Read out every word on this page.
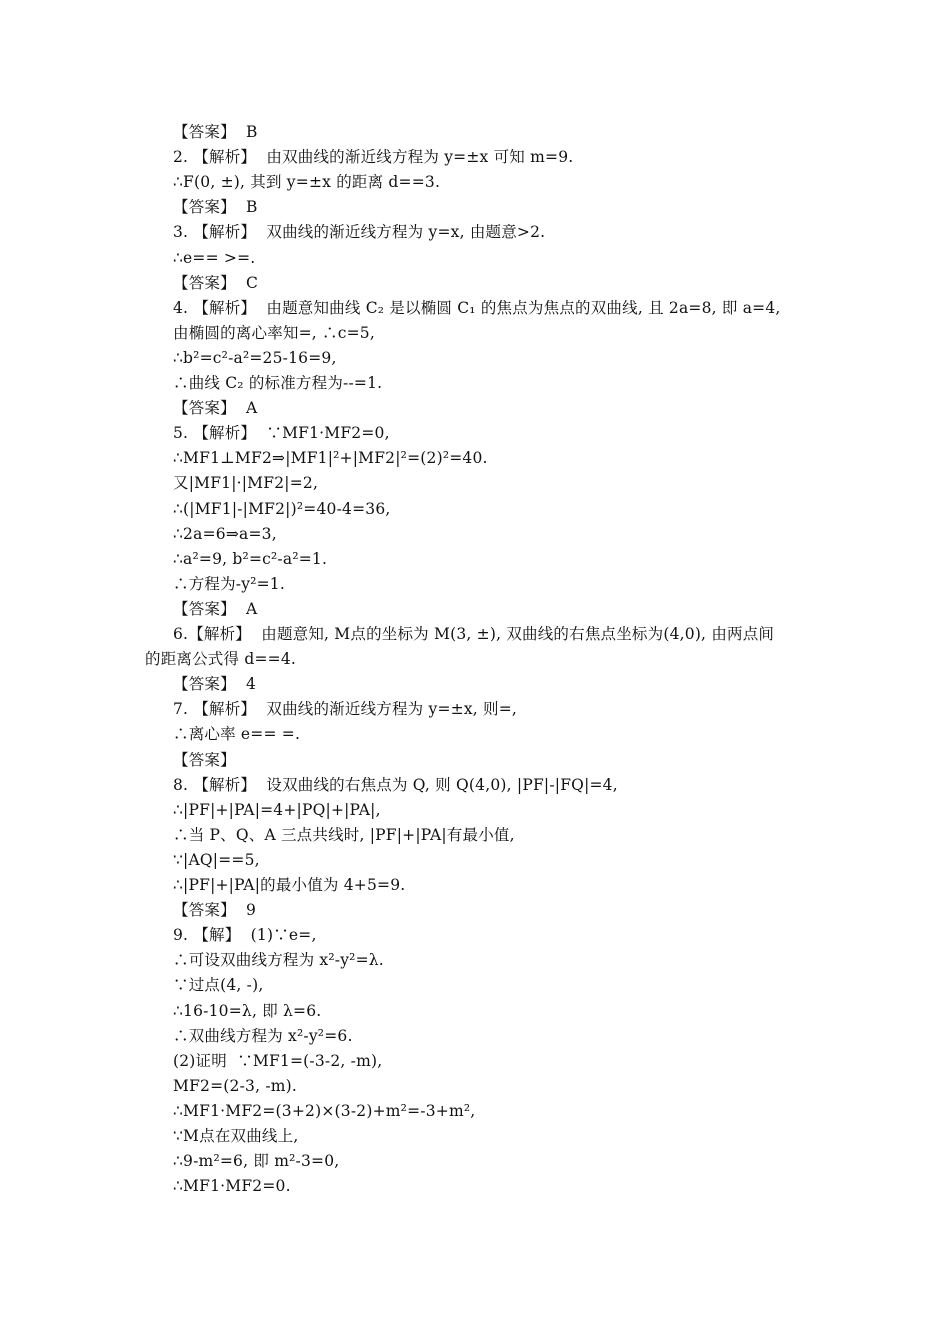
【答案】  B
2. 【解析】  由双曲线的渐近线方程为 y=±x 可知 m=9.
∴F(0, ±), 其到 y=±x 的距离 d==3.
【答案】  B
3. 【解析】  双曲线的渐近线方程为 y=x, 由题意>2.
∴e== >=.
【答案】  C
4. 【解析】  由题意知曲线 C₂ 是以椭圆 C₁ 的焦点为焦点的双曲线, 且 2a=8, 即 a=4,
由椭圆的离心率知=, ∴c=5,
∴b²=c²-a²=25-16=9,
∴曲线 C₂ 的标准方程为--=1.
【答案】  A
5. 【解析】  ∵MF1·MF2=0,
∴MF1⊥MF2⇒|MF1|²+|MF2|²=(2)²=40.
又|MF1|·|MF2|=2,
∴(|MF1|-|MF2|)²=40-4=36,
∴2a=6⇒a=3,
∴a²=9, b²=c²-a²=1.
∴方程为-y²=1.
【答案】  A
6.【解析】  由题意知, M点的坐标为 M(3, ±), 双曲线的右焦点坐标为(4,0), 由两点间
的距离公式得 d==4.
【答案】  4
7. 【解析】  双曲线的渐近线方程为 y=±x, 则=,
∴离心率 e== =.
【答案】
8. 【解析】  设双曲线的右焦点为 Q, 则 Q(4,0), |PF|-|FQ|=4,
∴|PF|+|PA|=4+|PQ|+|PA|,
∴当 P、Q、A 三点共线时, |PF|+|PA|有最小值,
∵|AQ|==5,
∴|PF|+|PA|的最小值为 4+5=9.
【答案】  9
9. 【解】  (1)∵e=,
∴可设双曲线方程为 x²-y²=λ.
∵过点(4, -),
∴16-10=λ, 即 λ=6.
∴双曲线方程为 x²-y²=6.
(2)证明  ∵MF1=(-3-2, -m),
MF2=(2-3, -m).
∴MF1·MF2=(3+2)×(3-2)+m²=-3+m²,
∵M点在双曲线上,
∴9-m²=6, 即 m²-3=0,
∴MF1·MF2=0.
